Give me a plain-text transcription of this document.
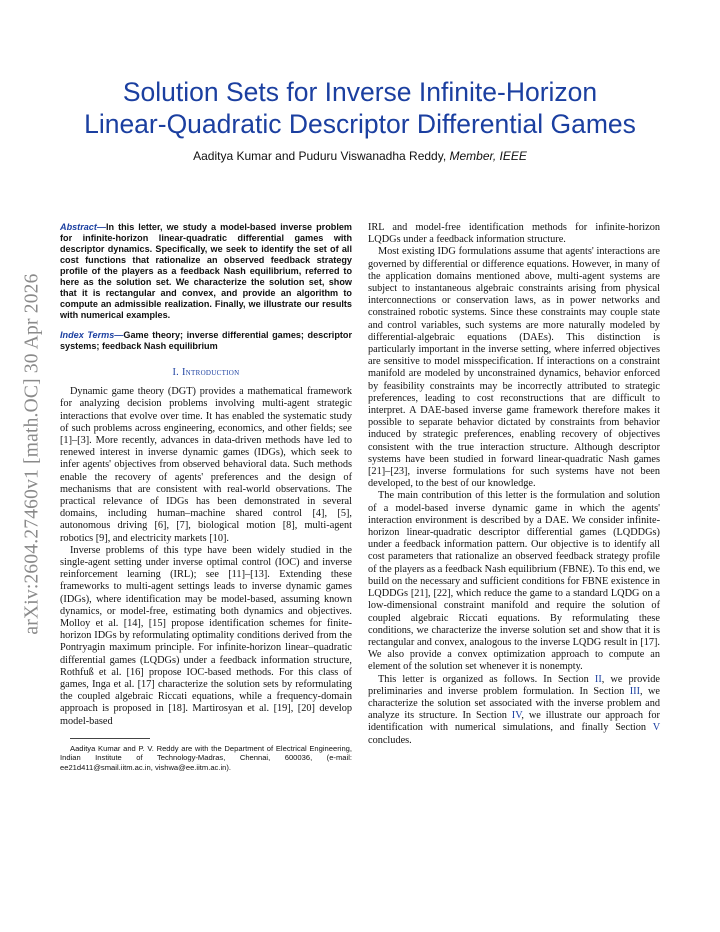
arXiv:2604.27460v1 [math.OC] 30 Apr 2026
Solution Sets for Inverse Infinite-Horizon
Linear-Quadratic Descriptor Differential Games
Aaditya Kumar and Puduru Viswanadha Reddy, Member, IEEE

Abstract—In this letter, we study a model-based inverse problem for infinite-horizon linear-quadratic differential games with descriptor dynamics. Specifically, we seek to identify the set of all cost functions that rationalize an observed feedback strategy profile of the players as a feedback Nash equilibrium, referred to here as the solution set. We characterize the solution set, show that it is rectangular and convex, and provide an algorithm to compute an admissible realization. Finally, we illustrate our results with numerical examples.

Index Terms—Game theory; inverse differential games; descriptor systems; feedback Nash equilibrium

I. Introduction

Dynamic game theory (DGT) provides a mathematical framework for analyzing decision problems involving multi-agent strategic interactions that evolve over time. It has enabled the systematic study of such problems across engineering, economics, and other fields; see [1]–[3]. More recently, advances in data-driven methods have led to renewed interest in inverse dynamic games (IDGs), which seek to infer agents' objectives from observed behavioral data. Such methods enable the recovery of agents' preferences and the design of mechanisms that are consistent with real-world observations. The practical relevance of IDGs has been demonstrated in several domains, including human–machine shared control [4], [5], autonomous driving [6], [7], biological motion [8], multi-agent robotics [9], and electricity markets [10].

Inverse problems of this type have been widely studied in the single-agent setting under inverse optimal control (IOC) and inverse reinforcement learning (IRL); see [11]–[13]. Extending these frameworks to multi-agent settings leads to inverse dynamic games (IDGs), where identification may be model-based, assuming known dynamics, or model-free, estimating both dynamics and objectives. Molloy et al. [14], [15] propose identification schemes for finite-horizon IDGs by reformulating optimality conditions derived from the Pontryagin maximum principle. For infinite-horizon linear–quadratic differential games (LQDGs) under a feedback information structure, Rothfuß et al. [16] propose IOC-based methods. For this class of games, Inga et al. [17] characterize the solution sets by reformulating the coupled algebraic Riccati equations, while a frequency-domain approach is proposed in [18]. Martirosyan et al. [19], [20] develop model-based

Aaditya Kumar and P. V. Reddy are with the Department of Electrical Engineering, Indian Institute of Technology-Madras, Chennai, 600036, (e-mail: ee21d411@smail.iitm.ac.in, vishwa@ee.iitm.ac.in).

IRL and model-free identification methods for infinite-horizon LQDGs under a feedback information structure.

Most existing IDG formulations assume that agents' interactions are governed by differential or difference equations. However, in many of the application domains mentioned above, multi-agent systems are subject to instantaneous algebraic constraints arising from physical interconnections or conservation laws, as in power networks and constrained robotic systems. Since these constraints may couple state and control variables, such systems are more naturally modeled by differential-algebraic equations (DAEs). This distinction is particularly important in the inverse setting, where inferred objectives are sensitive to model misspecification. If interactions on a constraint manifold are modeled by unconstrained dynamics, behavior enforced by feasibility constraints may be incorrectly attributed to strategic preferences, leading to cost reconstructions that are difficult to interpret. A DAE-based inverse game framework therefore makes it possible to separate behavior dictated by constraints from behavior induced by strategic preferences, enabling recovery of objectives consistent with the true interaction structure. Although descriptor systems have been studied in forward linear-quadratic Nash games [21]–[23], inverse formulations for such systems have not been developed, to the best of our knowledge.

The main contribution of this letter is the formulation and solution of a model-based inverse dynamic game in which the agents' interaction environment is described by a DAE. We consider infinite-horizon linear-quadratic descriptor differential games (LQDDGs) under a feedback information pattern. Our objective is to identify all cost parameters that rationalize an observed feedback strategy profile of the players as a feedback Nash equilibrium (FBNE). To this end, we build on the necessary and sufficient conditions for FBNE existence in LQDDGs [21], [22], which reduce the game to a standard LQDG on a low-dimensional constraint manifold and require the solution of coupled algebraic Riccati equations. By reformulating these conditions, we characterize the inverse solution set and show that it is rectangular and convex, analogous to the inverse LQDG result in [17]. We also provide a convex optimization approach to compute an element of the solution set whenever it is nonempty.

This letter is organized as follows. In Section II, we provide preliminaries and inverse problem formulation. In Section III, we characterize the solution set associated with the inverse problem and analyze its structure. In Section IV, we illustrate our approach for identification with numerical simulations, and finally Section V concludes.
